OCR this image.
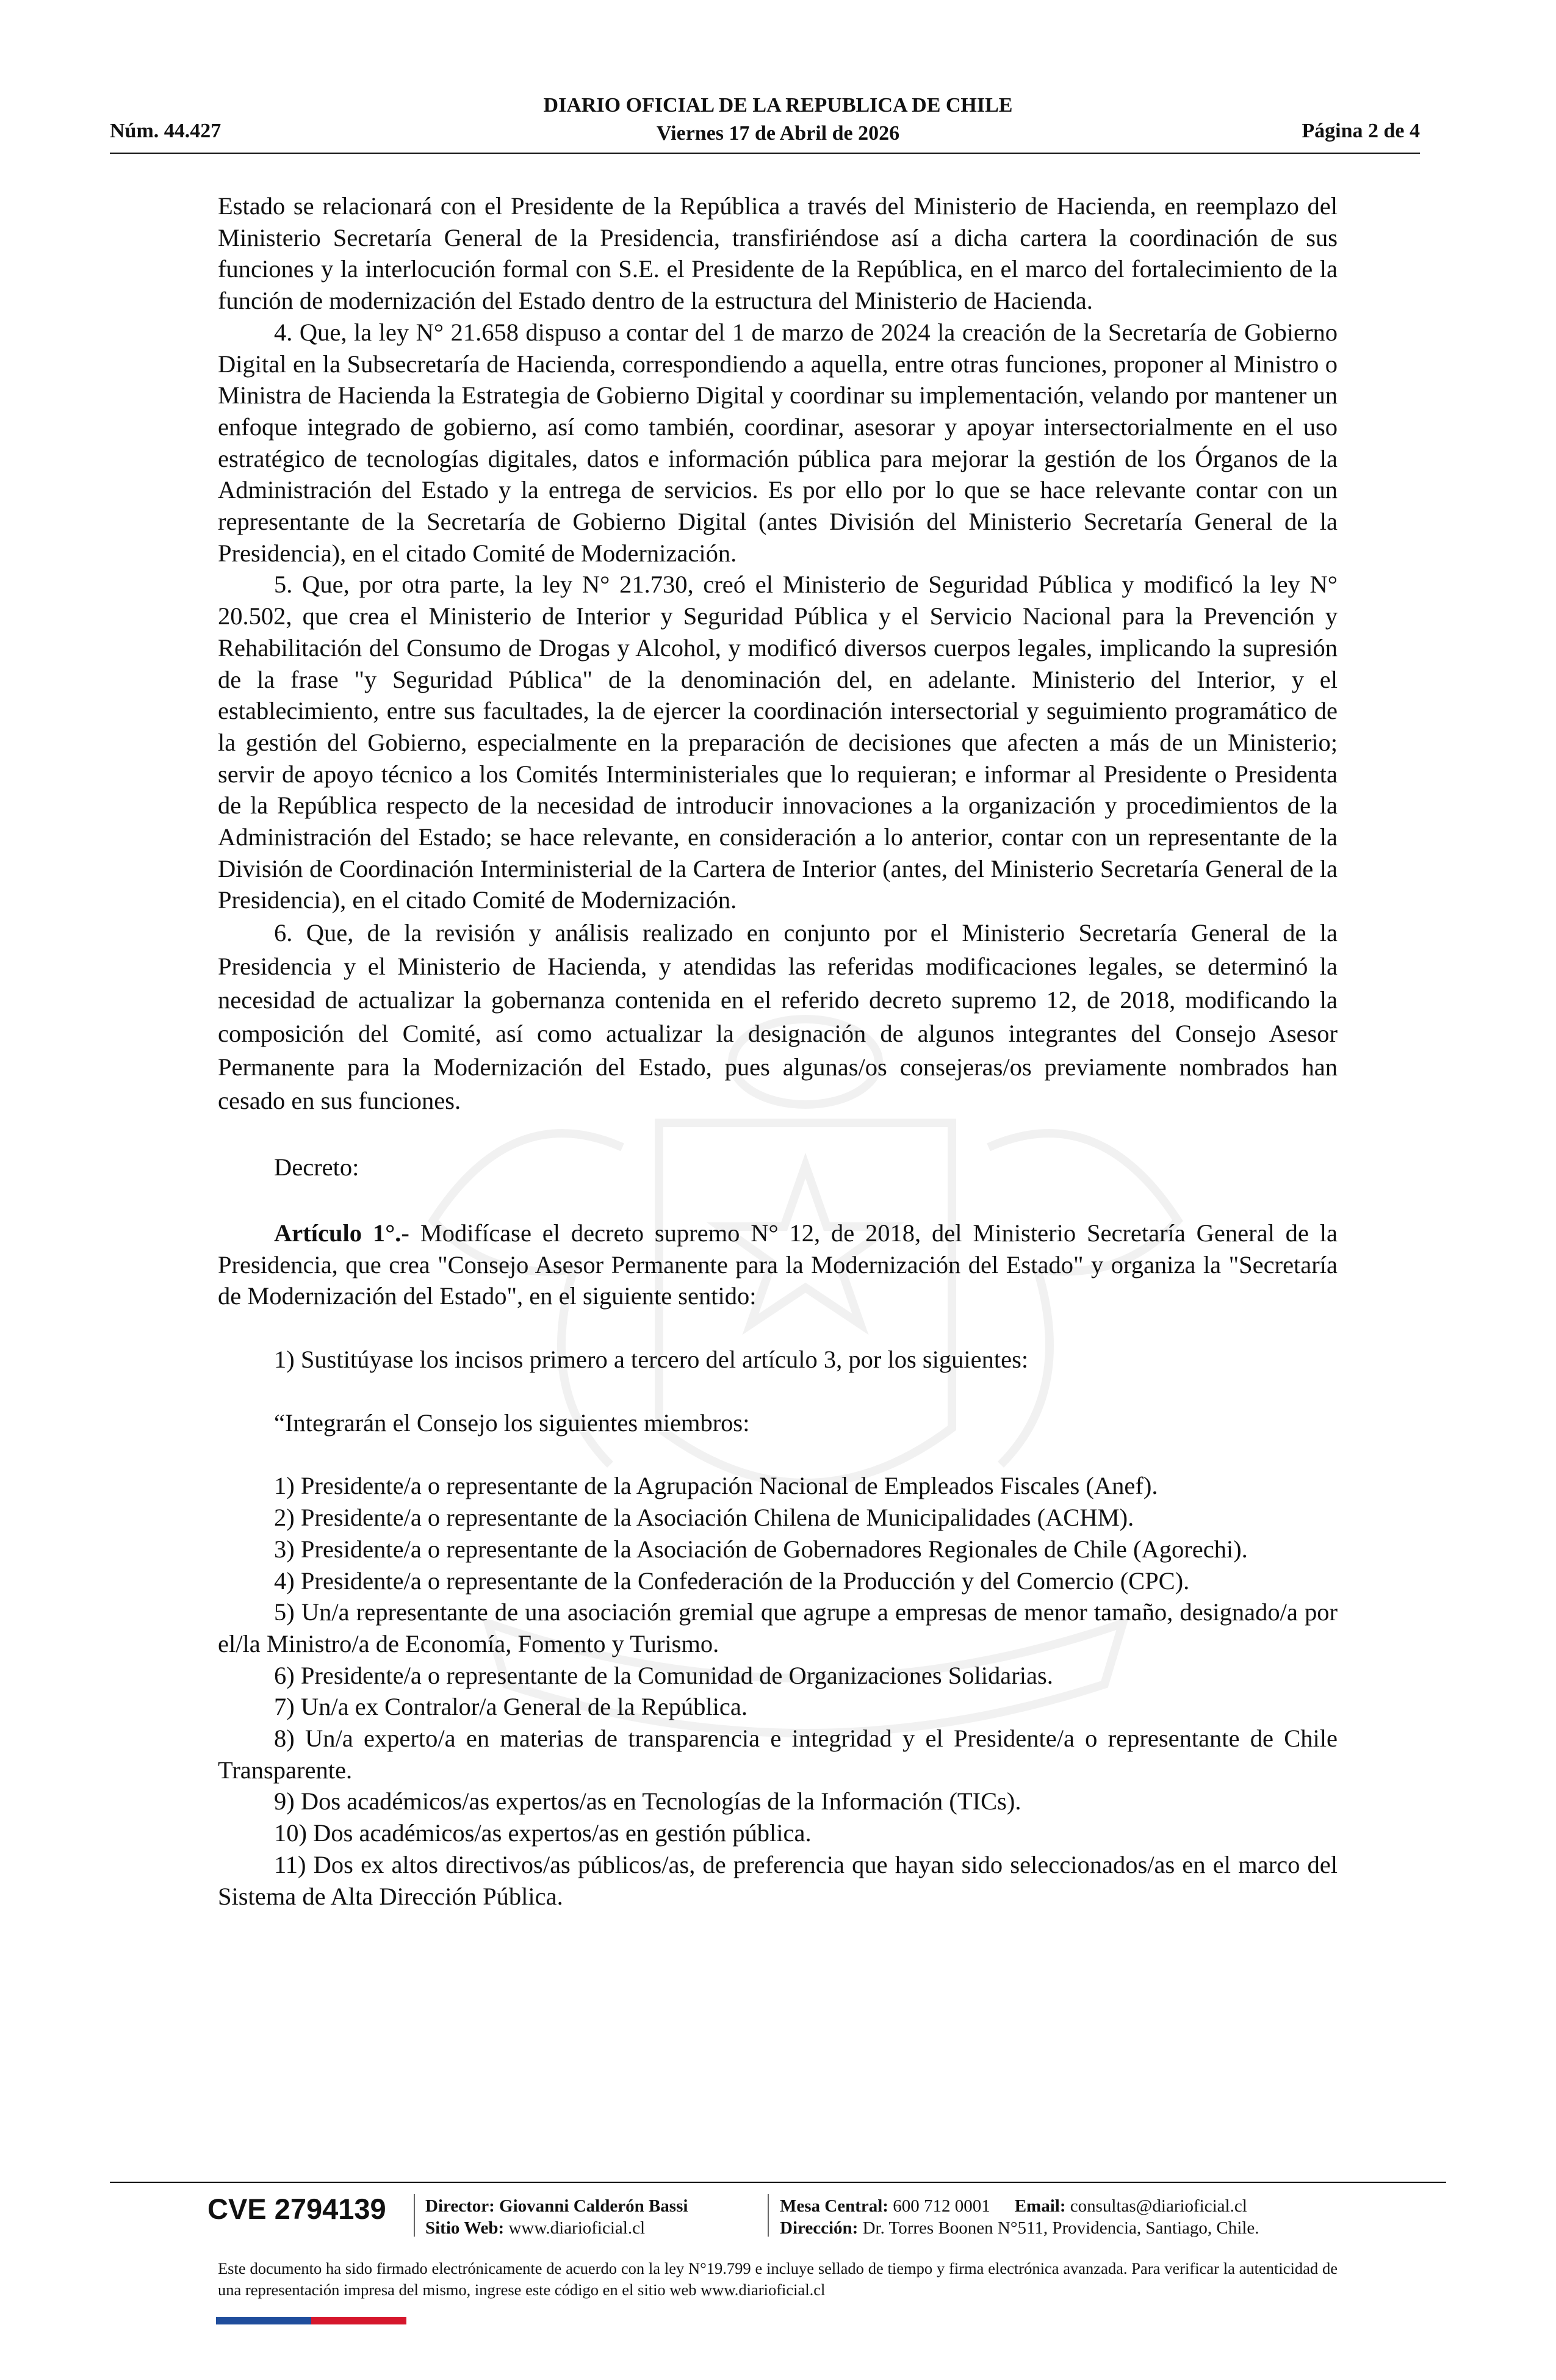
Núm. 44.427
DIARIO OFICIAL DE LA REPUBLICA DE CHILE
Viernes 17 de Abril de 2026	Página 2 de 4

Estado se relacionará con el Presidente de la República a través del Ministerio de Hacienda, en reemplazo del Ministerio Secretaría General de la Presidencia, transfiriéndose así a dicha cartera la coordinación de sus funciones y la interlocución formal con S.E. el Presidente de la República, en el marco del fortalecimiento de la función de modernización del Estado dentro de la estructura del Ministerio de Hacienda.

4. Que, la ley N° 21.658 dispuso a contar del 1 de marzo de 2024 la creación de la Secretaría de Gobierno Digital en la Subsecretaría de Hacienda, correspondiendo a aquella, entre otras funciones, proponer al Ministro o Ministra de Hacienda la Estrategia de Gobierno Digital y coordinar su implementación, velando por mantener un enfoque integrado de gobierno, así como también, coordinar, asesorar y apoyar intersectorialmente en el uso estratégico de tecnologías digitales, datos e información pública para mejorar la gestión de los Órganos de la Administración del Estado y la entrega de servicios. Es por ello por lo que se hace relevante contar con un representante de la Secretaría de Gobierno Digital (antes División del Ministerio Secretaría General de la Presidencia), en el citado Comité de Modernización.

5. Que, por otra parte, la ley N° 21.730, creó el Ministerio de Seguridad Pública y modificó la ley N° 20.502, que crea el Ministerio de Interior y Seguridad Pública y el Servicio Nacional para la Prevención y Rehabilitación del Consumo de Drogas y Alcohol, y modificó diversos cuerpos legales, implicando la supresión de la frase "y Seguridad Pública" de la denominación del, en adelante. Ministerio del Interior, y el establecimiento, entre sus facultades, la de ejercer la coordinación intersectorial y seguimiento programático de la gestión del Gobierno, especialmente en la preparación de decisiones que afecten a más de un Ministerio; servir de apoyo técnico a los Comités Interministeriales que lo requieran; e informar al Presidente o Presidenta de la República respecto de la necesidad de introducir innovaciones a la organización y procedimientos de la Administración del Estado; se hace relevante, en consideración a lo anterior, contar con un representante de la División de Coordinación Interministerial de la Cartera de Interior (antes, del Ministerio Secretaría General de la Presidencia), en el citado Comité de Modernización.

6. Que, de la revisión y análisis realizado en conjunto por el Ministerio Secretaría General de la Presidencia y el Ministerio de Hacienda, y atendidas las referidas modificaciones legales, se determinó la necesidad de actualizar la gobernanza contenida en el referido decreto supremo 12, de 2018, modificando la composición del Comité, así como actualizar la designación de algunos integrantes del Consejo Asesor Permanente para la Modernización del Estado, pues algunas/os consejeras/os previamente nombrados han cesado en sus funciones.

Decreto:

Artículo 1°.- Modifícase el decreto supremo N° 12, de 2018, del Ministerio Secretaría General de la Presidencia, que crea "Consejo Asesor Permanente para la Modernización del Estado" y organiza la "Secretaría de Modernización del Estado", en el siguiente sentido:

1) Sustitúyase los incisos primero a tercero del artículo 3, por los siguientes:

“Integrarán el Consejo los siguientes miembros:

1) Presidente/a o representante de la Agrupación Nacional de Empleados Fiscales (Anef).

2) Presidente/a o representante de la Asociación Chilena de Municipalidades (ACHM).

3) Presidente/a o representante de la Asociación de Gobernadores Regionales de Chile (Agorechi).

4) Presidente/a o representante de la Confederación de la Producción y del Comercio (CPC).

5) Un/a representante de una asociación gremial que agrupe a empresas de menor tamaño, designado/a por el/la Ministro/a de Economía, Fomento y Turismo.

6) Presidente/a o representante de la Comunidad de Organizaciones Solidarias.

7) Un/a ex Contralor/a General de la República.

8) Un/a experto/a en materias de transparencia e integridad y el Presidente/a o representante de Chile Transparente.

9) Dos académicos/as expertos/as en Tecnologías de la Información (TICs).

10) Dos académicos/as expertos/as en gestión pública.

11) Dos ex altos directivos/as públicos/as, de preferencia que hayan sido seleccionados/as en el marco del Sistema de Alta Dirección Pública.

CVE 2794139 Director: Giovanni Calderón Bassi
Sitio Web: www.diarioficial.cl
Mesa Central: 600 712 0001 Email: consultas@diarioficial.cl
Dirección: Dr. Torres Boonen N°511, Providencia, Santiago, Chile.
Este documento ha sido firmado electrónicamente de acuerdo con la ley N°19.799 e incluye sellado de tiempo y firma electrónica avanzada. Para verificar la autenticidad de una representación impresa del mismo, ingrese este código en el sitio web www.diarioficial.cl
